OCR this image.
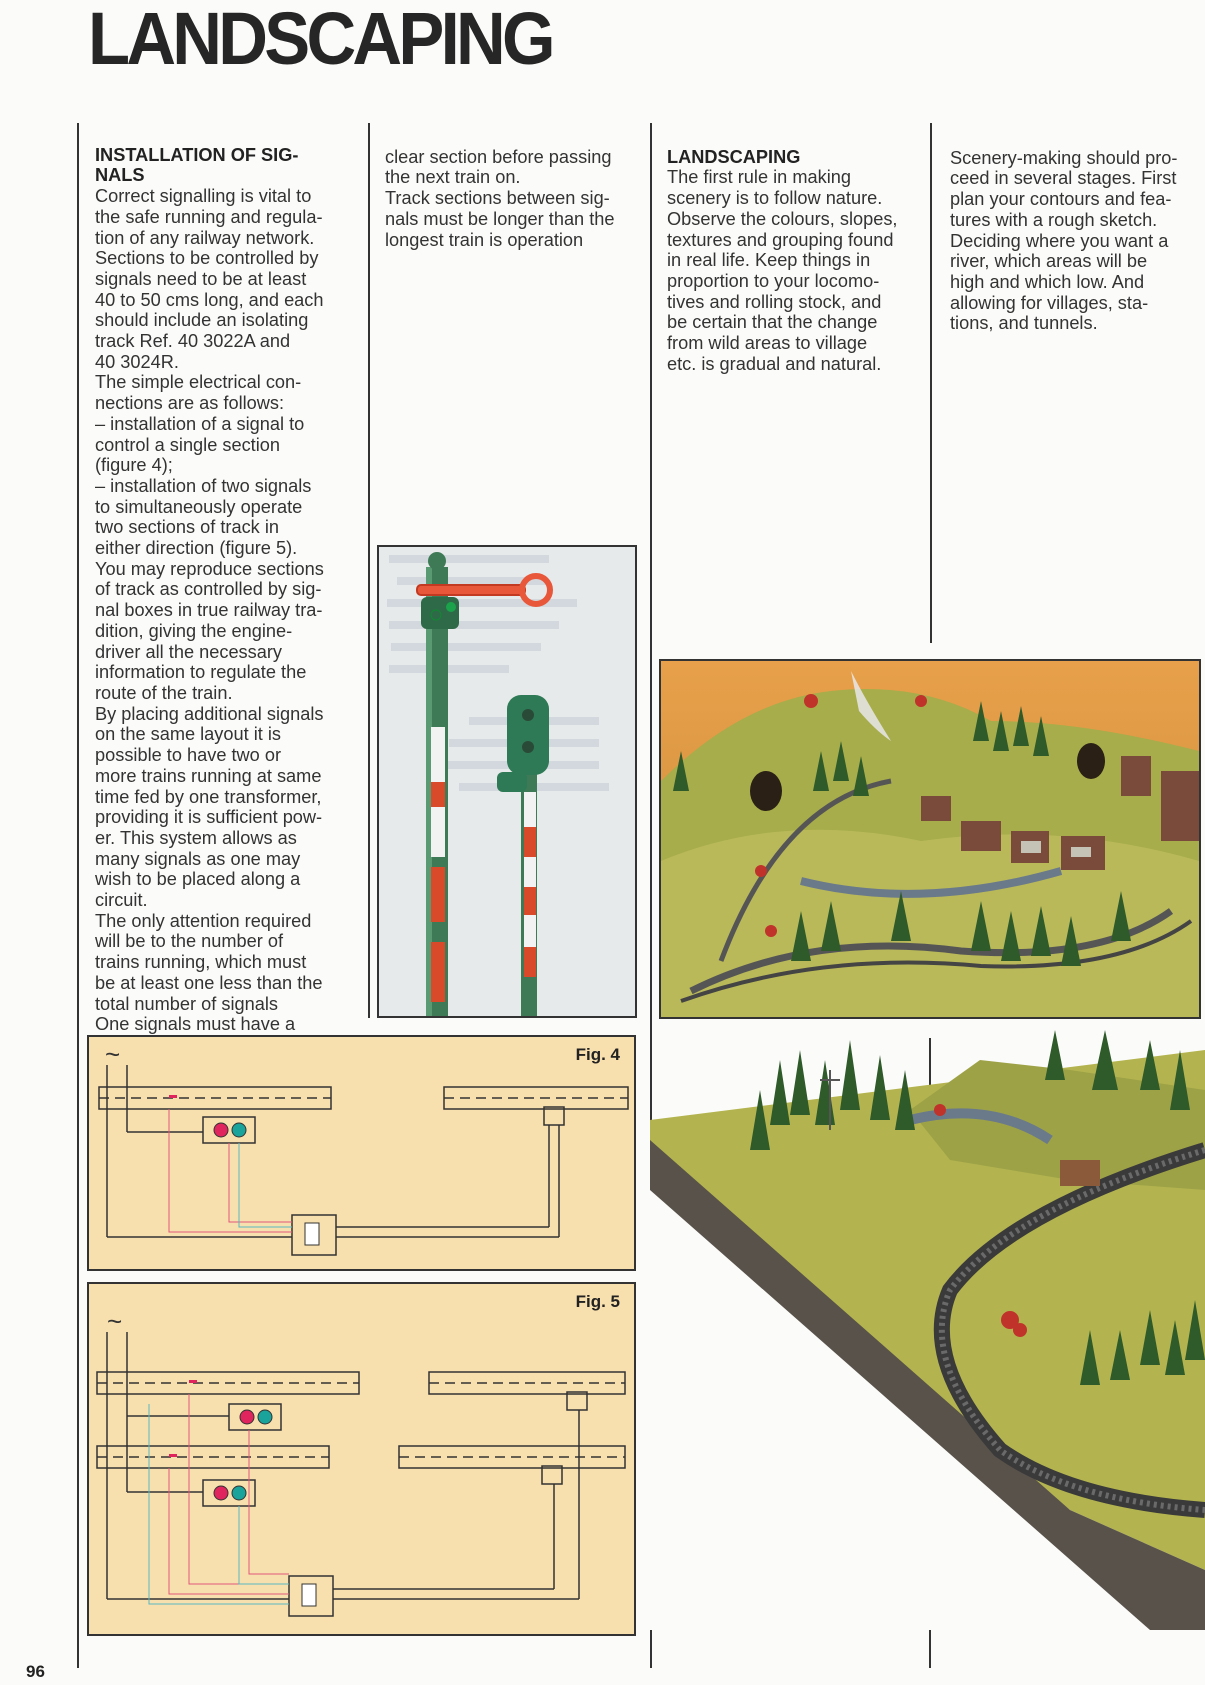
LANDSCAPING

INSTALLATION OF SIG-
NALS
Correct signalling is vital to
the safe running and regula-
tion of any railway network.
Sections to be controlled by
signals need to be at least
40 to 50 cms long, and each
should include an isolating
track Ref. 40 3022A and
40 3024R.
The simple electrical con-
nections are as follows:
– installation of a signal to
control a single section
(figure 4);
– installation of two signals
to simultaneously operate
two sections of track in
either direction (figure 5).
You may reproduce sections
of track as controlled by sig-
nal boxes in true railway tra-
dition, giving the engine-
driver all the necessary
information to regulate the
route of the train.
By placing additional signals
on the same layout it is
possible to have two or
more trains running at same
time fed by one transformer,
providing it is sufficient pow-
er. This system allows as
many signals as one may
wish to be placed along a
circuit.
The only attention required
will be to the number of
trains running, which must
be at least one less than the
total number of signals
One signals must have a

clear section before passing
the next train on.
Track sections between sig-
nals must be longer than the
longest train is operation

LANDSCAPING
The first rule in making
scenery is to follow nature.
Observe the colours, slopes,
textures and grouping found
in real life. Keep things in
proportion to your locomo-
tives and rolling stock, and
be certain that the change
from wild areas to village
etc. is gradual and natural.

Scenery-making should pro-
ceed in several stages. First
plan your contours and fea-
tures with a rough sketch.
Deciding where you want a
river, which areas will be
high and which low. And
allowing for villages, sta-
tions, and tunnels.

Fig. 4
~
Fig. 5
~
96
